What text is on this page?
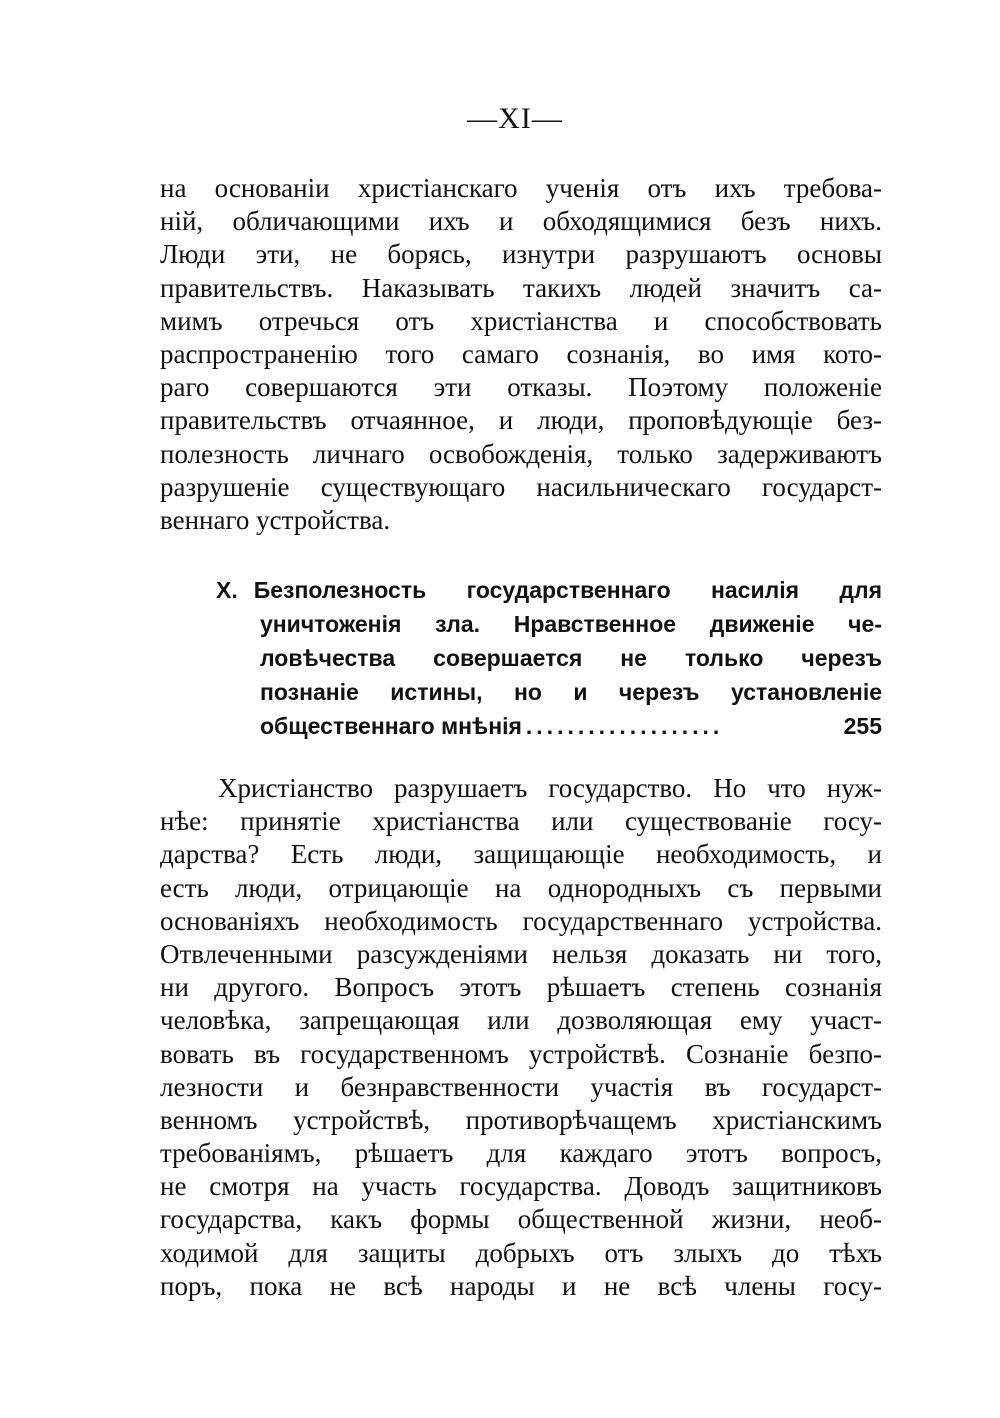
—XI—
на основаніи христіанскаго ученія отъ ихъ требова-
ній, обличающими ихъ и обходящимися безъ нихъ.
Люди эти, не борясь, изнутри разрушаютъ основы
правительствъ. Наказывать такихъ людей значитъ са-
мимъ отречься отъ христіанства и способствовать
распространенію того самаго сознанія, во имя кото-
раго совершаются эти отказы. Поэтому положеніе
правительствъ отчаянное, и люди, проповѣдующіе без-
полезность личнаго освобожденія, только задерживаютъ
разрушеніе существующаго насильническаго государст-
веннаго устройства.
X. Безполезность государственнаго насилія для
уничтоженія зла. Нравственное движеніе че-
ловѣчества совершается не только черезъ
познаніе истины, но и черезъ установленіе
общественнаго мнѣнія ...................	255
Христіанство разрушаетъ государство. Но что нуж-
нѣе: принятіе христіанства или существованіе госу-
дарства? Есть люди, защищающіе необходимость, и
есть люди, отрицающіе на однородныхъ съ первыми
основаніяхъ необходимость государственнаго устройства.
Отвлеченными разсужденіями нельзя доказать ни того,
ни другого. Вопросъ этотъ рѣшаетъ степень сознанія
человѣка, запрещающая или дозволяющая ему участ-
вовать въ государственномъ устройствѣ. Сознаніе безпо-
лезности и безнравственности участія въ государст-
венномъ устройствѣ, противорѣчащемъ христіанскимъ
требованіямъ, рѣшаетъ для каждаго этотъ вопросъ,
не смотря на участь государства. Доводъ защитниковъ
государства, какъ формы общественной жизни, необ-
ходимой для защиты добрыхъ отъ злыхъ до тѣхъ
поръ, пока не всѣ народы и не всѣ члены госу-
